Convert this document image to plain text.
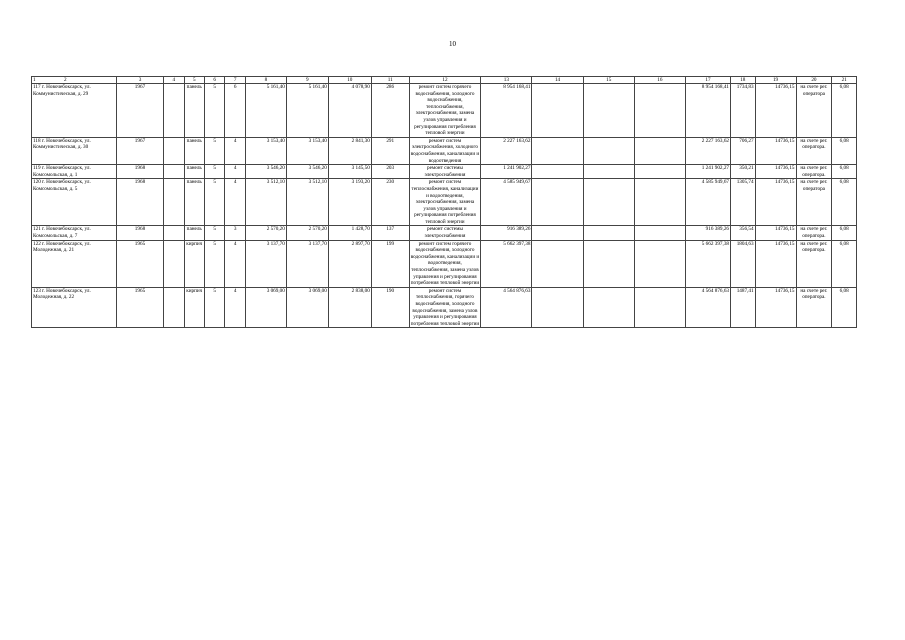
10
1 2	3	4	5	6	7	8	9	10	11	12	13	14	15	16	17	18	19	20	21
117г. Новочебоксарск, ул. Коммунистическая, д. 29	1967		панель	5	6	5 161,40	5 161,40	4 078,90	286	ремонт систем горячего водоснабжения, холодного водоснабжения, теплоснабжения, электроснабжения, замена узлов управления и регулирования потребления тепловой энергии	8 954 168,41				8 954 168,41	1734,83	14736,15	на счете рег. оператора	6,08
118г. Новочебоксарск, ул. Коммунистическая, д. 30	1967		панель	5	4	3 153,40	3 153,40	2 841,30	291	ремонт систем электроснабжения, холодного водоснабжения, канализации и водоотведения	2 227 163,62				2 227 163,62	706,27	14736,15	на счете рег. оператора.	6,08
119г. Новочебоксарск, ул. Комсомольская, д. 1	1968		панель	5	4	3 546,20	3 546,20	3 145,50	203	ремонт системы электроснабжения	1 241 902,27				1 241 902,27	350,21	14736,15	на счете рег. оператора.	6,08
120г. Новочебоксарск, ул. Комсомольская, д. 5	1968		панель	5	4	3 512,10	3 512,10	3 193,20	230	ремонт систем теплоснабжения, канализации и водоотведения, электроснабжения, замена узлов управления и регулирования потребления тепловой энергии	4 585 949,67				4 585 949,67	1305,74	14736,15	на счете рег. оператора	6,08
121г. Новочебоксарск, ул. Комсомольская, д. 7	1968		панель	5	3	2 570,20	2 570,20	1 428,70	137	ремонт системы электроснабжения	916 389,26				916 389,26	356,54	14736,15	на счете рег. оператора.	6,08
122г. Новочебоксарск, ул. Молодежная, д. 21	1965		кирпич	5	4	3 137,70	3 137,70	2 897,70	199	ремонт систем горячего водоснабжения, холодного водоснабжения, канализации и водоотведения, теплоснабжения, замена узлов управления и регулирования потребления тепловой энергии	5 662 397,38				5 662 397,38	1804,63	14736,15	на счете рег. оператора.	6,08
123г. Новочебоксарск, ул. Молодежная, д. 22	1965		кирпич	5	4	3 069,00	3 069,00	2 838,00	190	ремонт систем теплоснабжения, горячего водоснабжения, холодного водоснабжения, замена узлов управления и регулирования потребления тепловой энергии	4 564 876,63				4 564 876,63	1487,41	14736,15	на счете рег. оператора.	6,08
